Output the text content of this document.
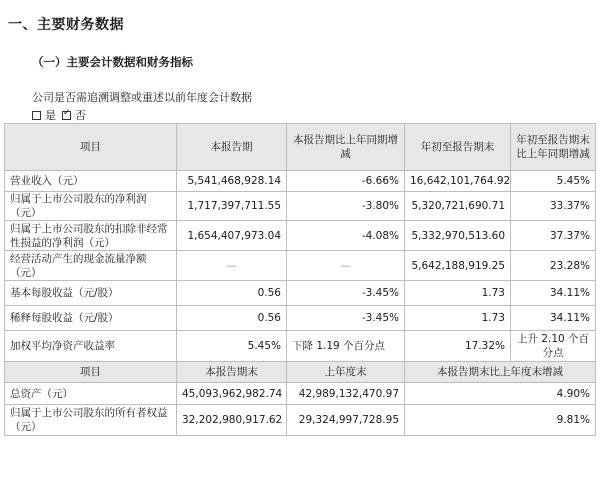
一、主要财务数据
（一）主要会计数据和财务指标
公司是否需追溯调整或重述以前年度会计数据
是 ✓ 否
项目	本报告期	本报告期比上年同期增减	年初至报告期末	年初至报告期末比上年同期增减
营业收入（元）	5,541,468,928.14	-6.66%	16,642,101,764.92	5.45%
归属于上市公司股东的净利润（元）	1,717,397,711.55	-3.80%	5,320,721,690.71	33.37%
归属于上市公司股东的扣除非经常性损益的净利润（元）	1,654,407,973.04	-4.08%	5,332,970,513.60	37.37%
经营活动产生的现金流量净额（元）	—	—	5,642,188,919.25	23.28%
基本每股收益（元/股）	0.56	-3.45%	1.73	34.11%
稀释每股收益（元/股）	0.56	-3.45%	1.73	34.11%
加权平均净资产收益率	5.45%	下降 1.19 个百分点	17.32%	上升 2.10 个百分点
项目	本报告期末	上年度末	本报告期末比上年度末增减	
总资产（元）	45,093,962,982.74	42,989,132,470.97	4.90%	
归属于上市公司股东的所有者权益（元）	32,202,980,917.62	29,324,997,728.95	9.81%	
